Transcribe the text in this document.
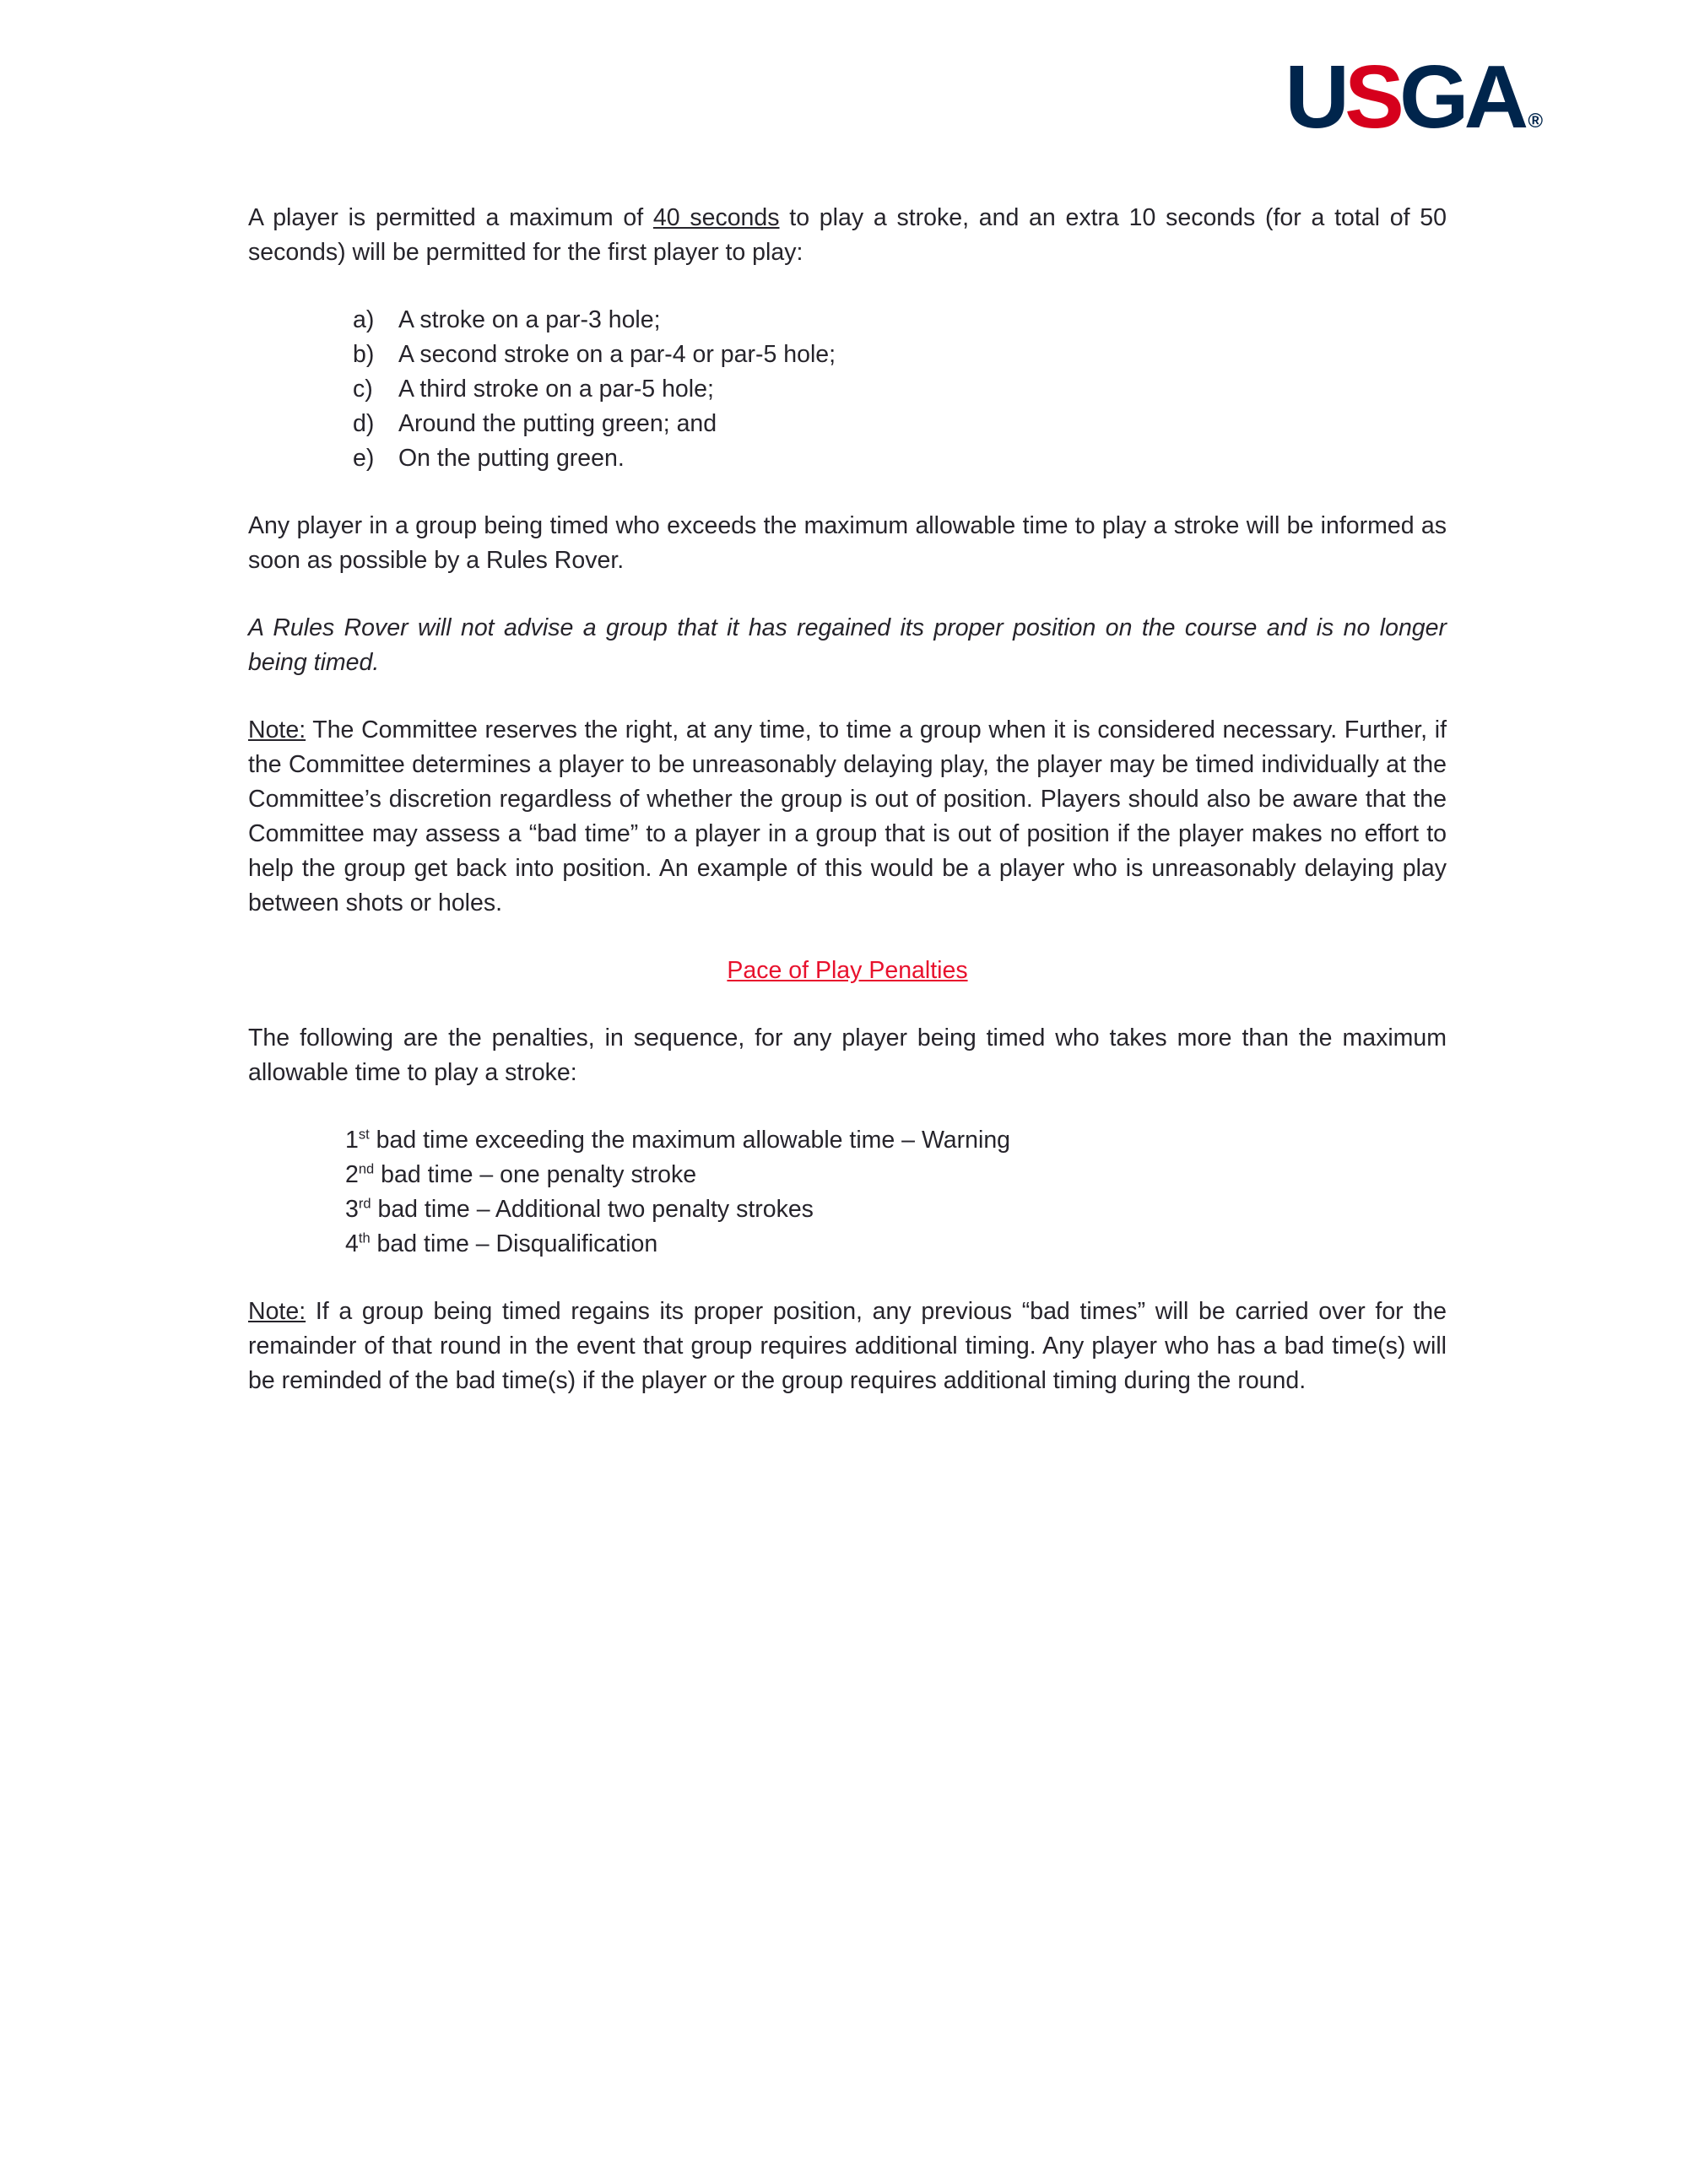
USGA ®

A player is permitted a maximum of 40 seconds to play a stroke, and an extra 10 seconds (for a total of 50 seconds) will be permitted for the first player to play:

a) A stroke on a par-3 hole;
b) A second stroke on a par-4 or par-5 hole;
c) A third stroke on a par-5 hole;
d) Around the putting green; and
e) On the putting green.

Any player in a group being timed who exceeds the maximum allowable time to play a stroke will be informed as soon as possible by a Rules Rover.

A Rules Rover will not advise a group that it has regained its proper position on the course and is no longer being timed.

Note: The Committee reserves the right, at any time, to time a group when it is considered necessary. Further, if the Committee determines a player to be unreasonably delaying play, the player may be timed individually at the Committee’s discretion regardless of whether the group is out of position. Players should also be aware that the Committee may assess a “bad time” to a player in a group that is out of position if the player makes no effort to help the group get back into position. An example of this would be a player who is unreasonably delaying play between shots or holes.

Pace of Play Penalties

The following are the penalties, in sequence, for any player being timed who takes more than the maximum allowable time to play a stroke:

1st bad time exceeding the maximum allowable time – Warning
2nd bad time – one penalty stroke
3rd bad time – Additional two penalty strokes
4th bad time – Disqualification

Note: If a group being timed regains its proper position, any previous “bad times” will be carried over for the remainder of that round in the event that group requires additional timing. Any player who has a bad time(s) will be reminded of the bad time(s) if the player or the group requires additional timing during the round.
